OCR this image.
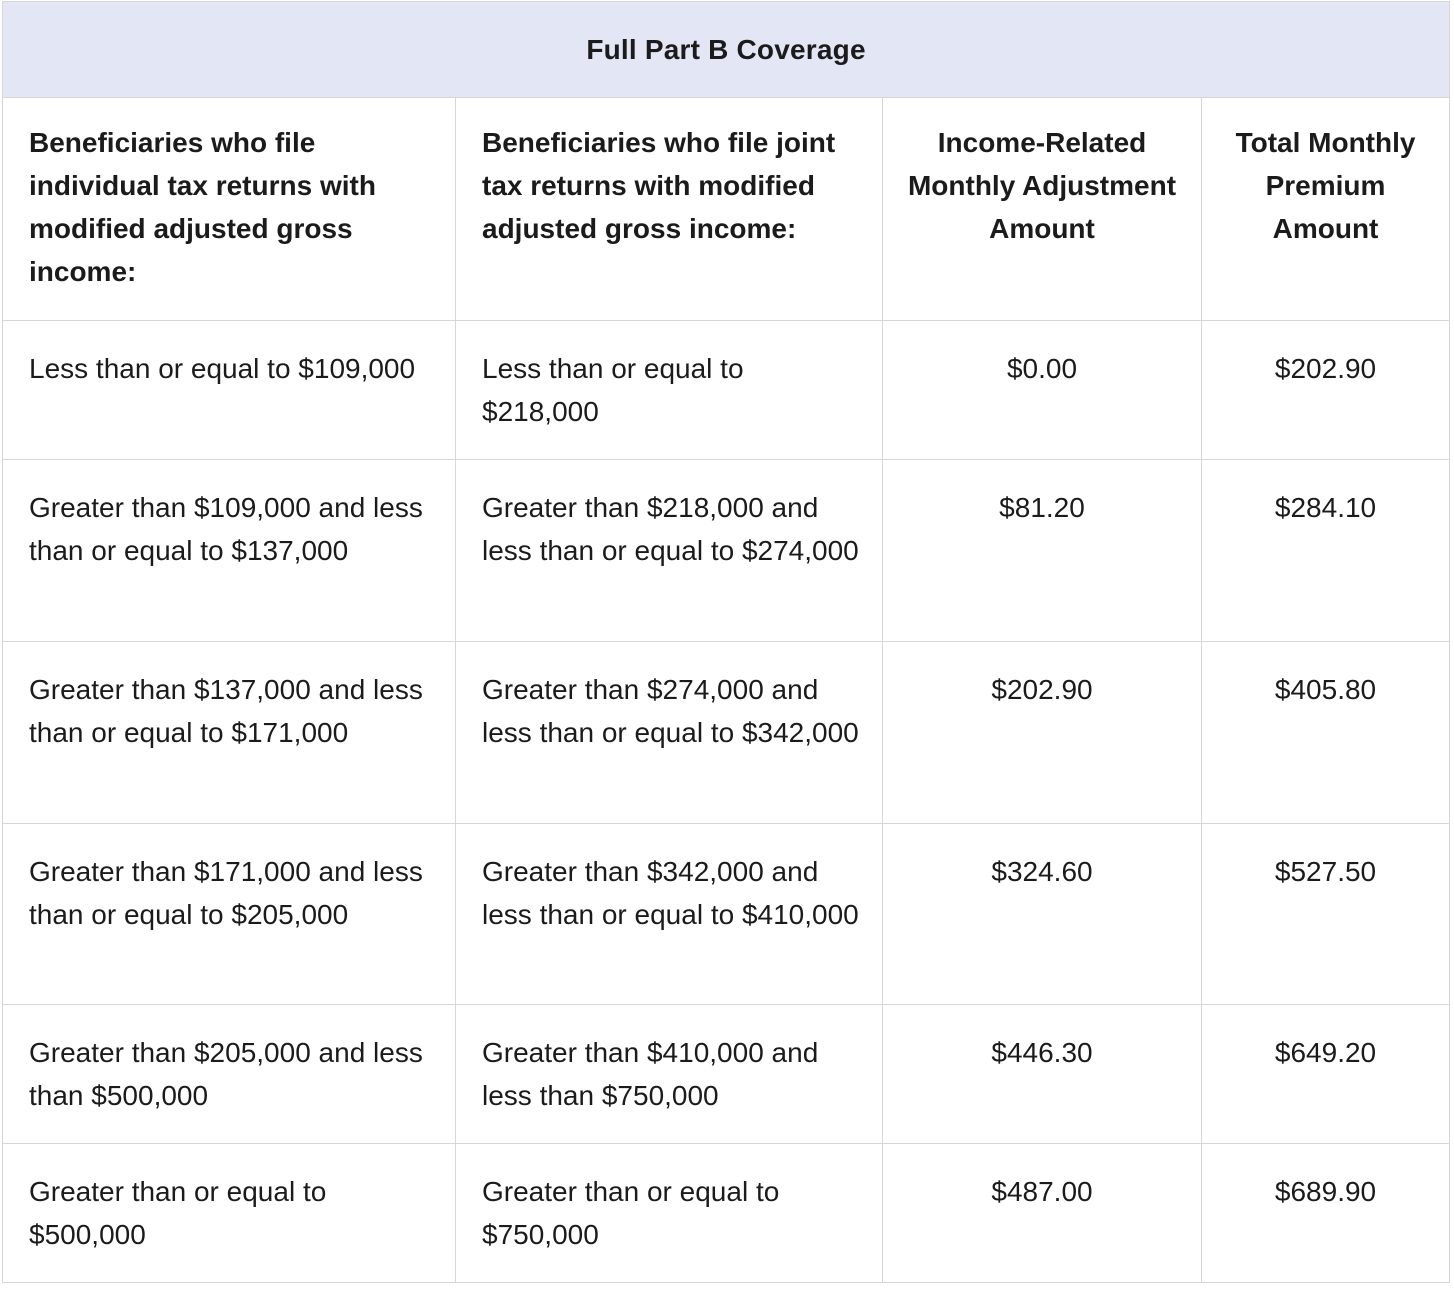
Full Part B Coverage			
Beneficiaries who file individual tax returns with modified adjusted gross income:	Beneficiaries who file joint tax returns with modified adjusted gross income:	Income-Related Monthly Adjustment Amount	Total Monthly Premium Amount
Less than or equal to $109,000	Less than or equal to $218,000	$0.00	$202.90
Greater than $109,000 and less than or equal to $137,000	Greater than $218,000 and less than or equal to $274,000	$81.20	$284.10
Greater than $137,000 and less than or equal to $171,000	Greater than $274,000 and less than or equal to $342,000	$202.90	$405.80
Greater than $171,000 and less than or equal to $205,000	Greater than $342,000 and less than or equal to $410,000	$324.60	$527.50
Greater than $205,000 and less than $500,000	Greater than $410,000 and less than $750,000	$446.30	$649.20
Greater than or equal to $500,000	Greater than or equal to $750,000	$487.00	$689.90
